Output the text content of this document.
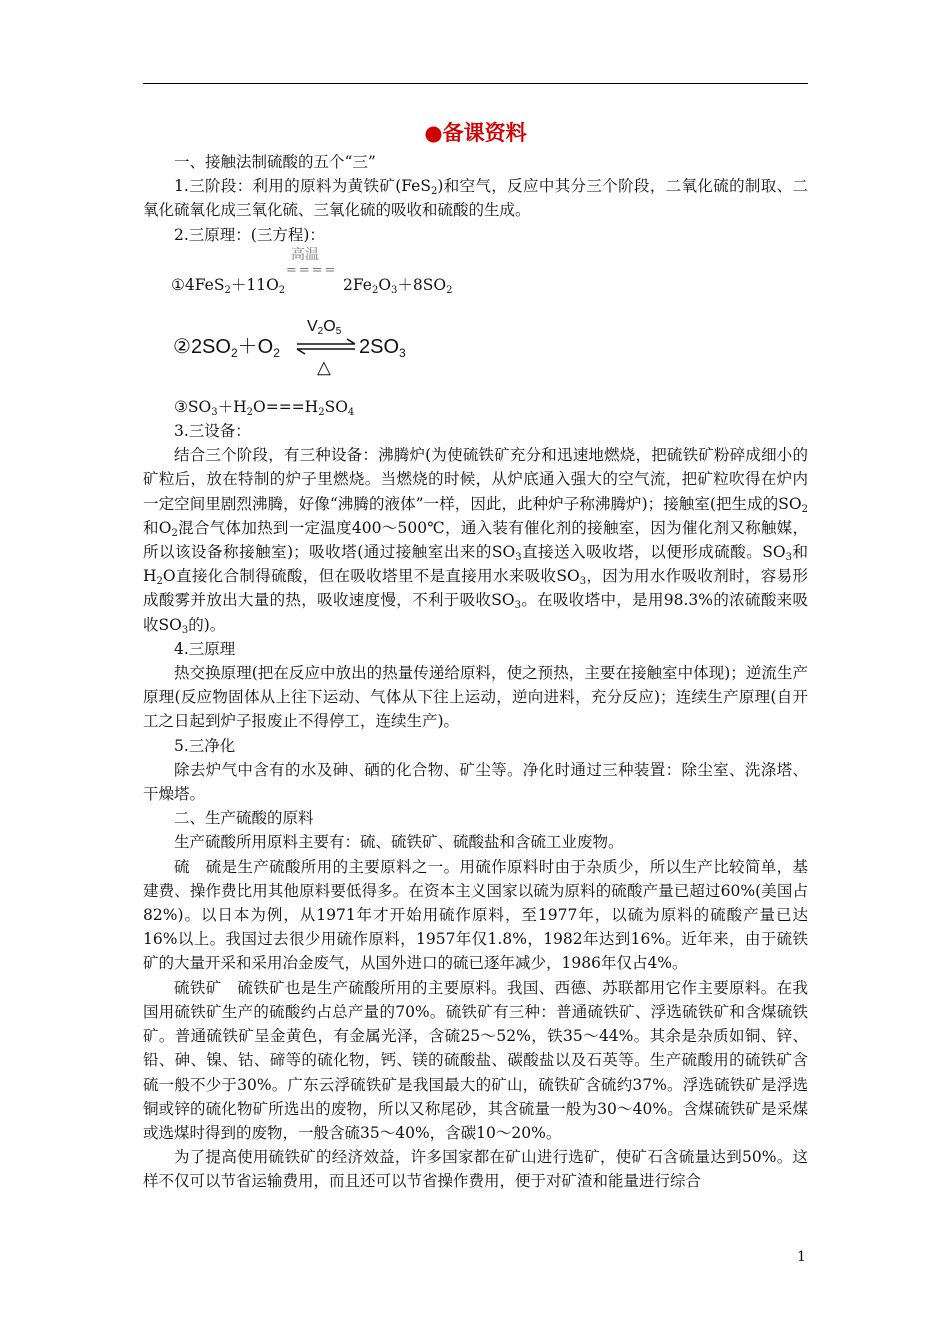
●备课资料

一、接触法制硫酸的五个“三”

1.三阶段：利用的原料为黄铁矿(FeS$_2$)和空气，反应中其分三个阶段，二氧化硫的制取、二氧化硫氧化成三氧化硫、三氧化硫的吸收和硫酸的生成。

2.三原理：(三方程)：

高温
====
$①4FeS_2+11O_2$	$2Fe_2O_3+8SO_2$
$②2SO_2+O_2$
V2O5
△
$2SO_3$

$③SO_3+H_2O===H_2SO_4$

3.三设备：

结合三个阶段，有三种设备：沸腾炉(为使硫铁矿充分和迅速地燃烧，把硫铁矿粉碎成细小的矿粒后，放在特制的炉子里燃烧。当燃烧的时候，从炉底通入强大的空气流，把矿粒吹得在炉内一定空间里剧烈沸腾，好像“沸腾的液体”一样，因此，此种炉子称沸腾炉)；接触室(把生成的$SO_2$和$O_2$混合气体加热到一定温度400～500℃，通入装有催化剂的接触室，因为催化剂又称触媒，所以该设备称接触室)；吸收塔(通过接触室出来的$SO_3$直接送入吸收塔，以便形成硫酸。$SO_3$和$H_2O$直接化合制得硫酸，但在吸收塔里不是直接用水来吸收$SO_3$，因为用水作吸收剂时，容易形成酸雾并放出大量的热，吸收速度慢，不利于吸收$SO_3$。在吸收塔中，是用98.3%的浓硫酸来吸收$SO_3$的)。

4.三原理

热交换原理(把在反应中放出的热量传递给原料，使之预热，主要在接触室中体现)；逆流生产原理(反应物固体从上往下运动、气体从下往上运动，逆向进料，充分反应)；连续生产原理(自开工之日起到炉子报废止不得停工，连续生产)。

5.三净化

除去炉气中含有的水及砷、硒的化合物、矿尘等。净化时通过三种装置：除尘室、洗涤塔、干燥塔。

二、生产硫酸的原料

生产硫酸所用原料主要有：硫、硫铁矿、硫酸盐和含硫工业废物。

硫　硫是生产硫酸所用的主要原料之一。用硫作原料时由于杂质少，所以生产比较简单，基建费、操作费比用其他原料要低得多。在资本主义国家以硫为原料的硫酸产量已超过60%(美国占82%)。以日本为例，从1971年才开始用硫作原料，至1977年，以硫为原料的硫酸产量已达16%以上。我国过去很少用硫作原料，1957年仅1.8%，1982年达到16%。近年来，由于硫铁矿的大量开采和采用冶金废气，从国外进口的硫已逐年减少，1986年仅占4%。

硫铁矿　硫铁矿也是生产硫酸所用的主要原料。我国、西德、苏联都用它作主要原料。在我国用硫铁矿生产的硫酸约占总产量的70%。硫铁矿有三种：普通硫铁矿、浮选硫铁矿和含煤硫铁矿。普通硫铁矿呈金黄色，有金属光泽，含硫25～52%，铁35～44%。其余是杂质如铜、锌、铅、砷、镍、钴、碲等的硫化物，钙、镁的硫酸盐、碳酸盐以及石英等。生产硫酸用的硫铁矿含硫一般不少于30%。广东云浮硫铁矿是我国最大的矿山，硫铁矿含硫约37%。浮选硫铁矿是浮选铜或锌的硫化物矿所选出的废物，所以又称尾砂，其含硫量一般为30～40%。含煤硫铁矿是采煤或选煤时得到的废物，一般含硫35～40%，含碳10～20%。

为了提高使用硫铁矿的经济效益，许多国家都在矿山进行选矿，使矿石含硫量达到50%。这样不仅可以节省运输费用，而且还可以节省操作费用，便于对矿渣和能量进行综合

1
